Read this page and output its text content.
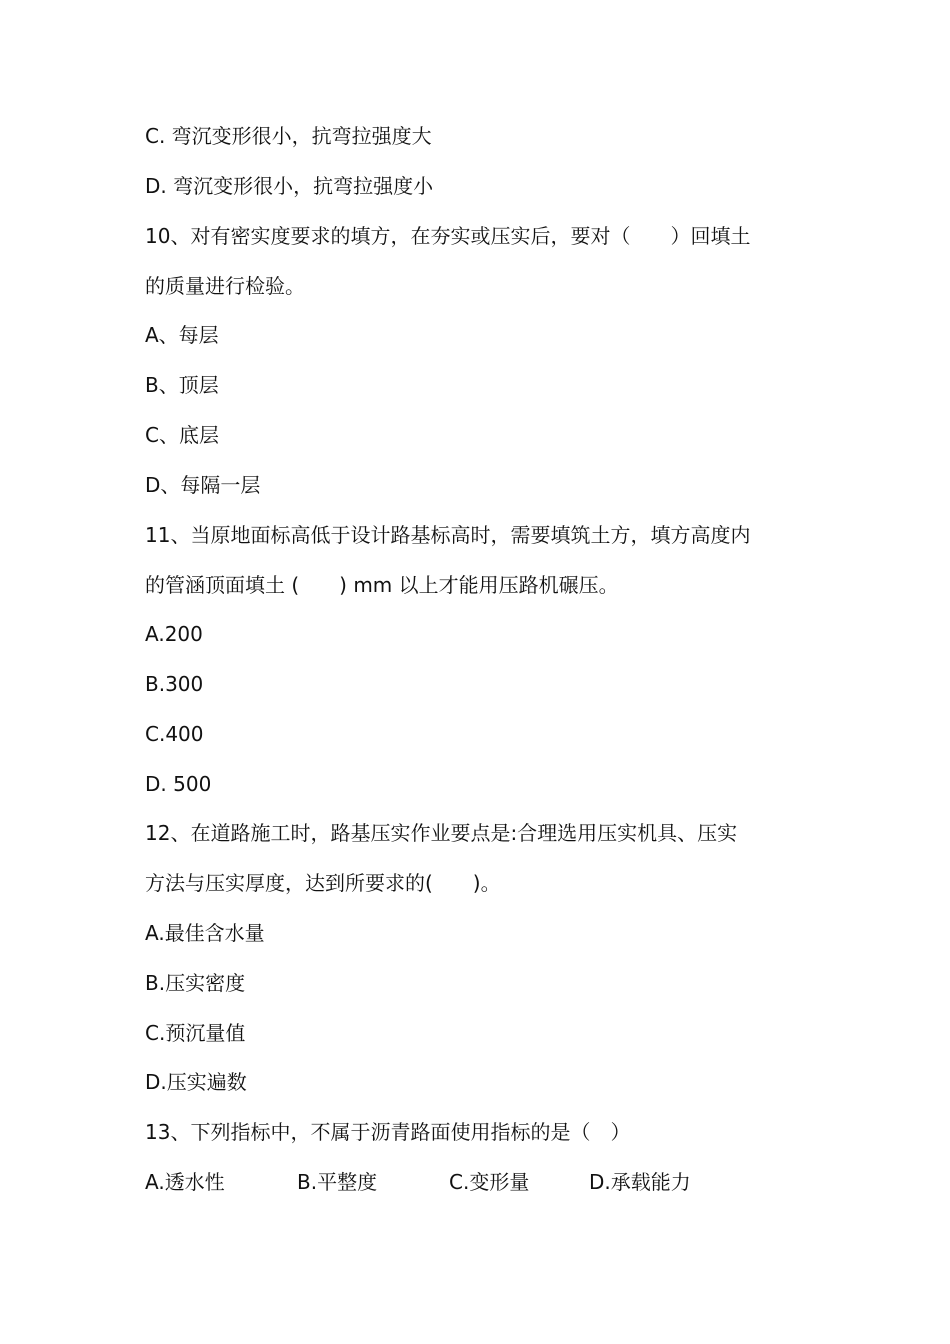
C. 弯沉变形很小，抗弯拉强度大
D. 弯沉变形很小，抗弯拉强度小
10、对有密实度要求的填方，在夯实或压实后，要对（　　）回填土
的质量进行检验。
A、每层
B、顶层
C、底层
D、每隔一层
11、当原地面标高低于设计路基标高时，需要填筑土方，填方高度内
的管涵顶面填土 (　　) mm 以上才能用压路机碾压。
A.200
B.300
C.400
D. 500
12、在道路施工时，路基压实作业要点是:合理选用压实机具、压实
方法与压实厚度，达到所要求的(　　)。
A.最佳含水量
B.压实密度
C.预沉量值
D.压实遍数
13、下列指标中，不属于沥青路面使用指标的是（　）
A.透水性	B.平整度	C.变形量	D.承载能力
